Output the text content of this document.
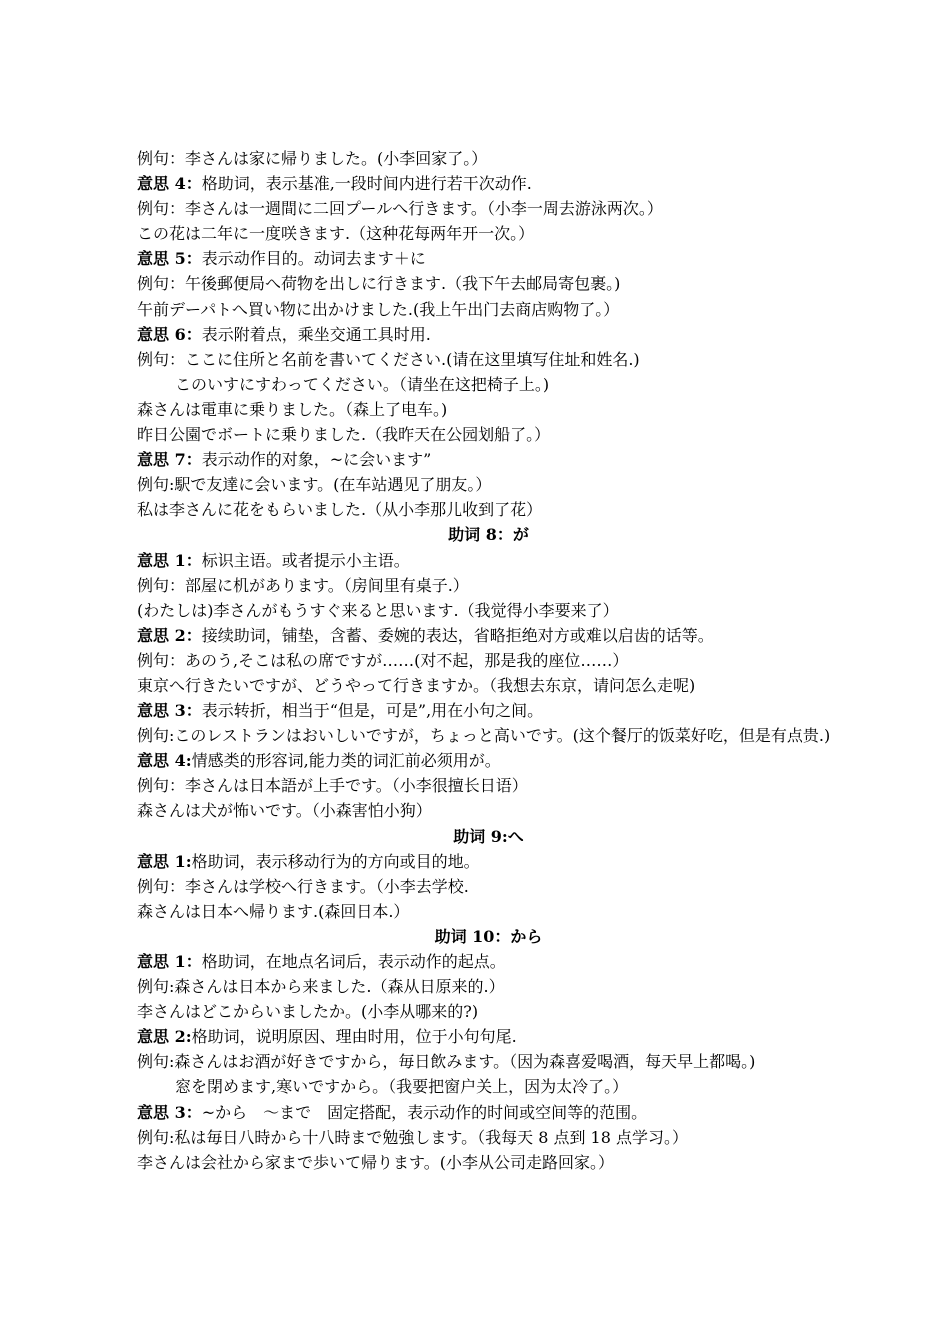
例句：李さんは家に帰りました。(小李回家了。）
意思 4：格助词，表示基准,一段时间内进行若干次动作.
例句：李さんは一週間に二回プールへ行きます。（小李一周去游泳两次。）
この花は二年に一度咲きます.（这种花每两年开一次。）
意思 5：表示动作目的。动词去ます＋に
例句：午後郵便局へ荷物を出しに行きます.（我下午去邮局寄包裹。)
午前デーパトへ買い物に出かけました.(我上午出门去商店购物了。）
意思 6：表示附着点，乘坐交通工具时用.
例句：ここに住所と名前を書いてください.(请在这里填写住址和姓名.)
このいすにすわってください。（请坐在这把椅子上。)
森さんは電車に乗りました。（森上了电车。)
昨日公園でボートに乗りました.（我昨天在公园划船了。）
意思 7：表示动作的对象，~に会います”
例句:駅で友達に会います。(在车站遇见了朋友。）
私は李さんに花をもらいました.（从小李那儿收到了花）
助词 8：が
意思 1：标识主语。或者提示小主语。
例句：部屋に机があります。（房间里有桌子.）
(わたしは)李さんがもうすぐ来ると思います.（我觉得小李要来了）
意思 2：接续助词，铺垫，含蓄、委婉的表达，省略拒绝对方或难以启齿的话等。
例句：あのう,そこは私の席ですが……(对不起，那是我的座位……）
東京へ行きたいですが、どうやって行きますか。（我想去东京，请问怎么走呢)
意思 3：表示转折，相当于“但是，可是”,用在小句之间。
例句:このレストランはおいしいですが，ちょっと高いです。(这个餐厅的饭菜好吃，但是有点贵.)
意思 4:情感类的形容词,能力类的词汇前必须用が。
例句：李さんは日本語が上手です。（小李很擅长日语）
森さんは犬が怖いです。（小森害怕小狗）
助词 9:へ
意思 1:格助词，表示移动行为的方向或目的地。
例句：李さんは学校へ行きます。（小李去学校.
森さんは日本へ帰ります.(森回日本.）
助词 10：から
意思 1：格助词，在地点名词后，表示动作的起点。
例句:森さんは日本から来ました.（森从日原来的.）
李さんはどこからいましたか。(小李从哪来的?)
意思 2:格助词，说明原因、理由时用，位于小句句尾.
例句:森さんはお酒が好きですから，毎日飲みます。（因为森喜爱喝酒，每天早上都喝。)
窓を閉めます,寒いですから。（我要把窗户关上，因为太冷了。）
意思 3：~から　～まで　固定搭配，表示动作的时间或空间等的范围。
例句:私は毎日八時から十八時まで勉強します。（我每天 8 点到 18 点学习。）
李さんは会社から家まで歩いて帰ります。(小李从公司走路回家。）
